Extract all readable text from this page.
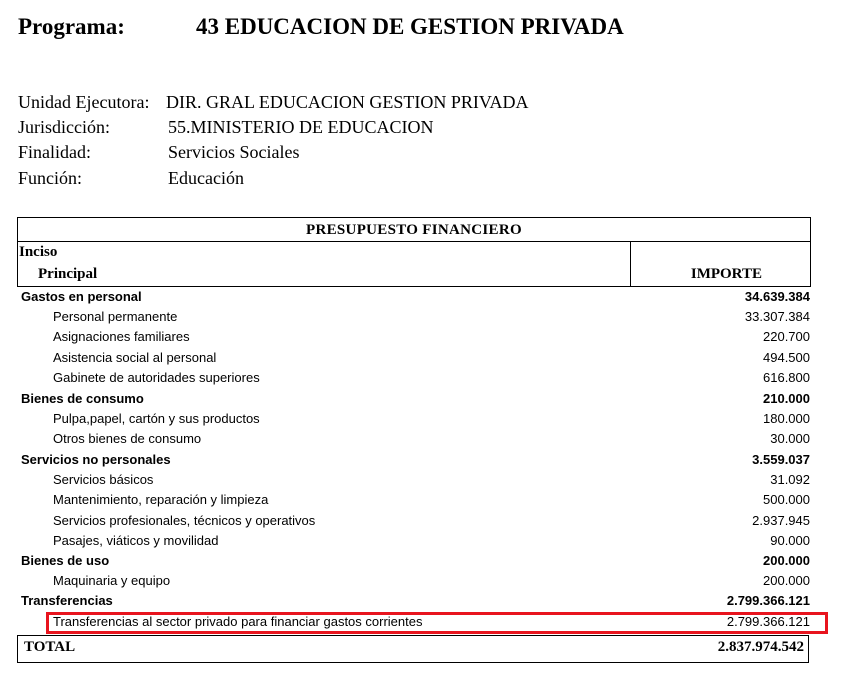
Programa:	43 EDUCACION DE GESTION PRIVADA
Unidad Ejecutora: DIR. GRAL EDUCACION GESTION PRIVADA
Jurisdicción:	55.MINISTERIO DE EDUCACION
Finalidad:	Servicios Sociales
Función:	Educación
PRESUPUESTO FINANCIERO
Inciso
Principal	IMPORTE
Gastos en personal	34.639.384
Personal permanente	33.307.384
Asignaciones familiares	220.700
Asistencia social al personal	494.500
Gabinete de autoridades superiores	616.800
Bienes de consumo	210.000
Pulpa,papel, cartón y sus productos	180.000
Otros bienes de consumo	30.000
Servicios no personales	3.559.037
Servicios básicos	31.092
Mantenimiento, reparación y limpieza	500.000
Servicios profesionales, técnicos y operativos	2.937.945
Pasajes, viáticos y movilidad	90.000
Bienes de uso	200.000
Maquinaria y equipo	200.000
Transferencias	2.799.366.121
Transferencias al sector privado para financiar gastos corrientes	2.799.366.121
TOTAL	2.837.974.542
